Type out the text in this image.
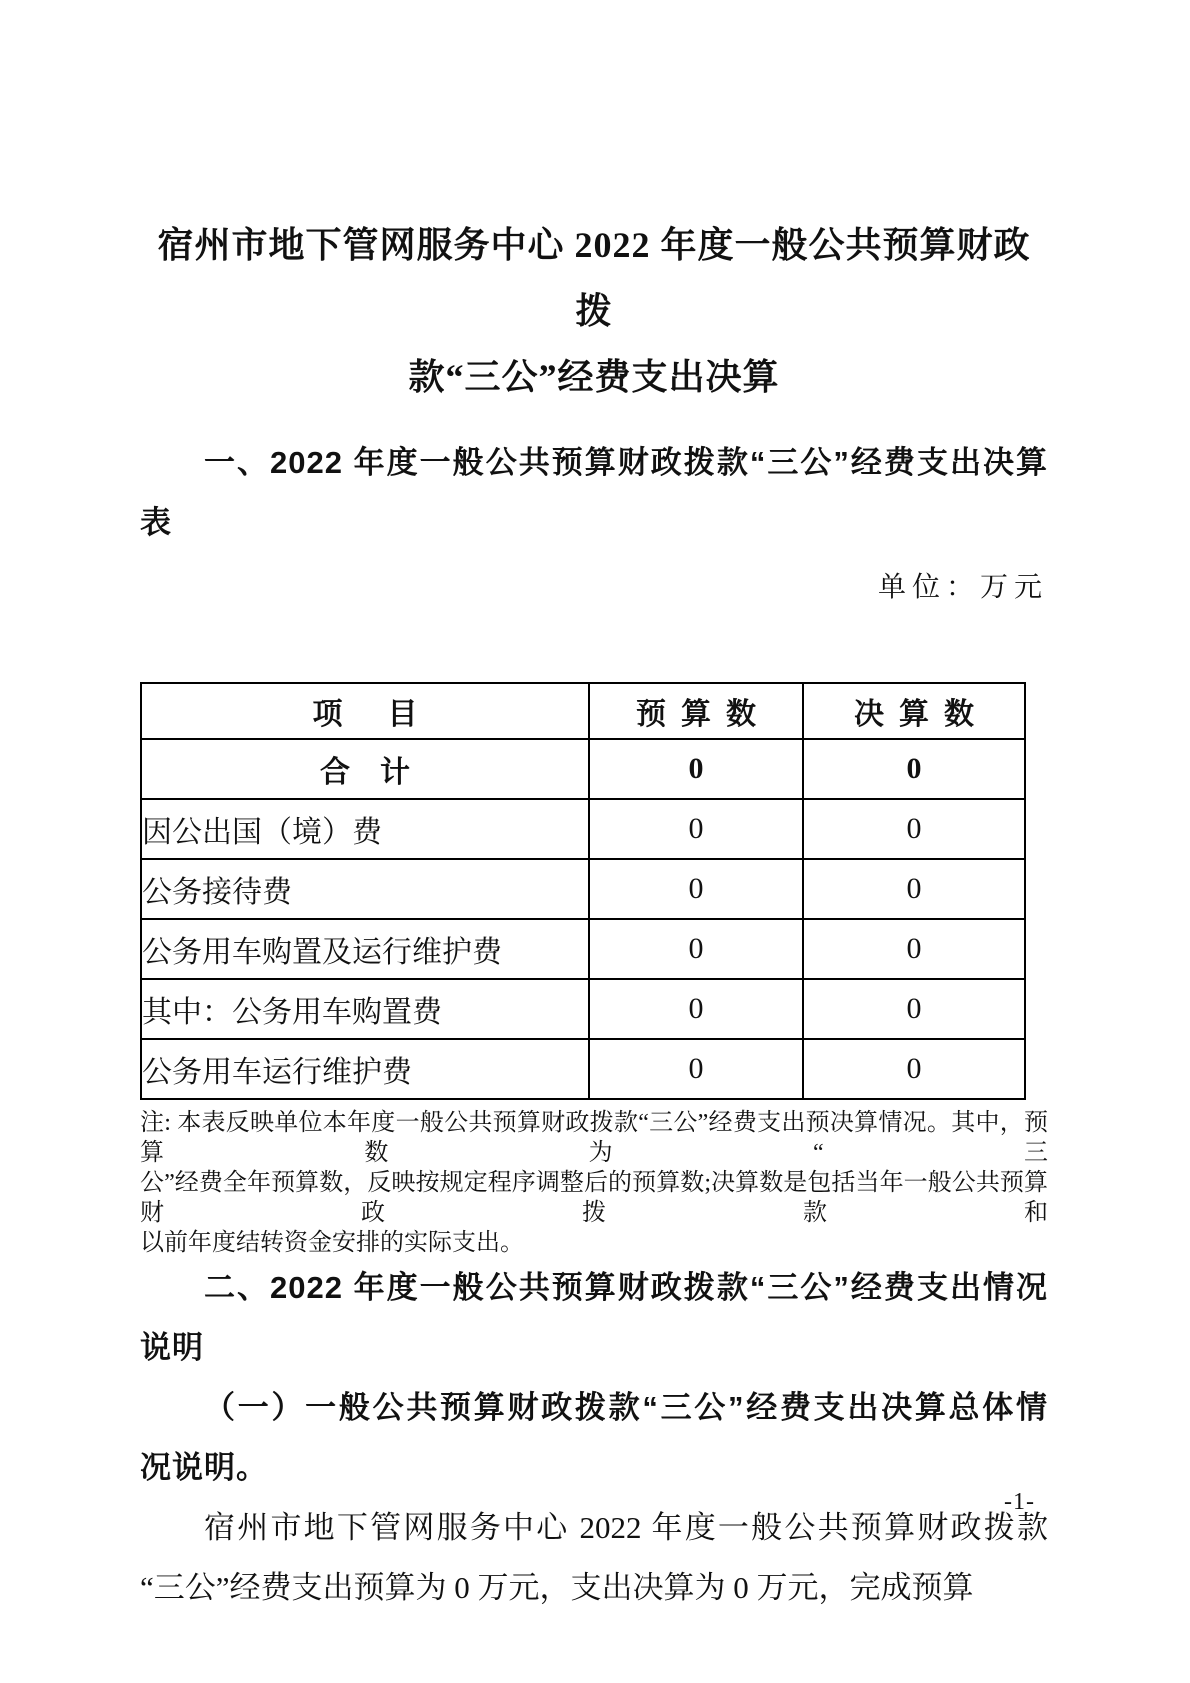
宿州市地下管网服务中心 2022 年度一般公共预算财政拨
款“三公”经费支出决算
一、2022 年度一般公共预算财政拨款“三公”经费支出决算
表
单位：万元
项目	预算数	决算数
合计	0	0
因公出国（境）费	0	0
公务接待费	0	0
公务用车购置及运行维护费	0	0
其中：公务用车购置费	0	0
公务用车运行维护费	0	0
注: 本表反映单位本年度一般公共预算财政拨款“三公”经费支出预决算情况。其中，预算数为“三
公”经费全年预算数，反映按规定程序调整后的预算数;决算数是包括当年一般公共预算财政拨款和
以前年度结转资金安排的实际支出。
二、2022 年度一般公共预算财政拨款“三公”经费支出情况
说明
（一）一般公共预算财政拨款“三公”经费支出决算总体情
况说明。
宿州市地下管网服务中心 2022 年度一般公共预算财政拨款
“三公”经费支出预算为 0 万元，支出决算为 0 万元，完成预算
-1-
